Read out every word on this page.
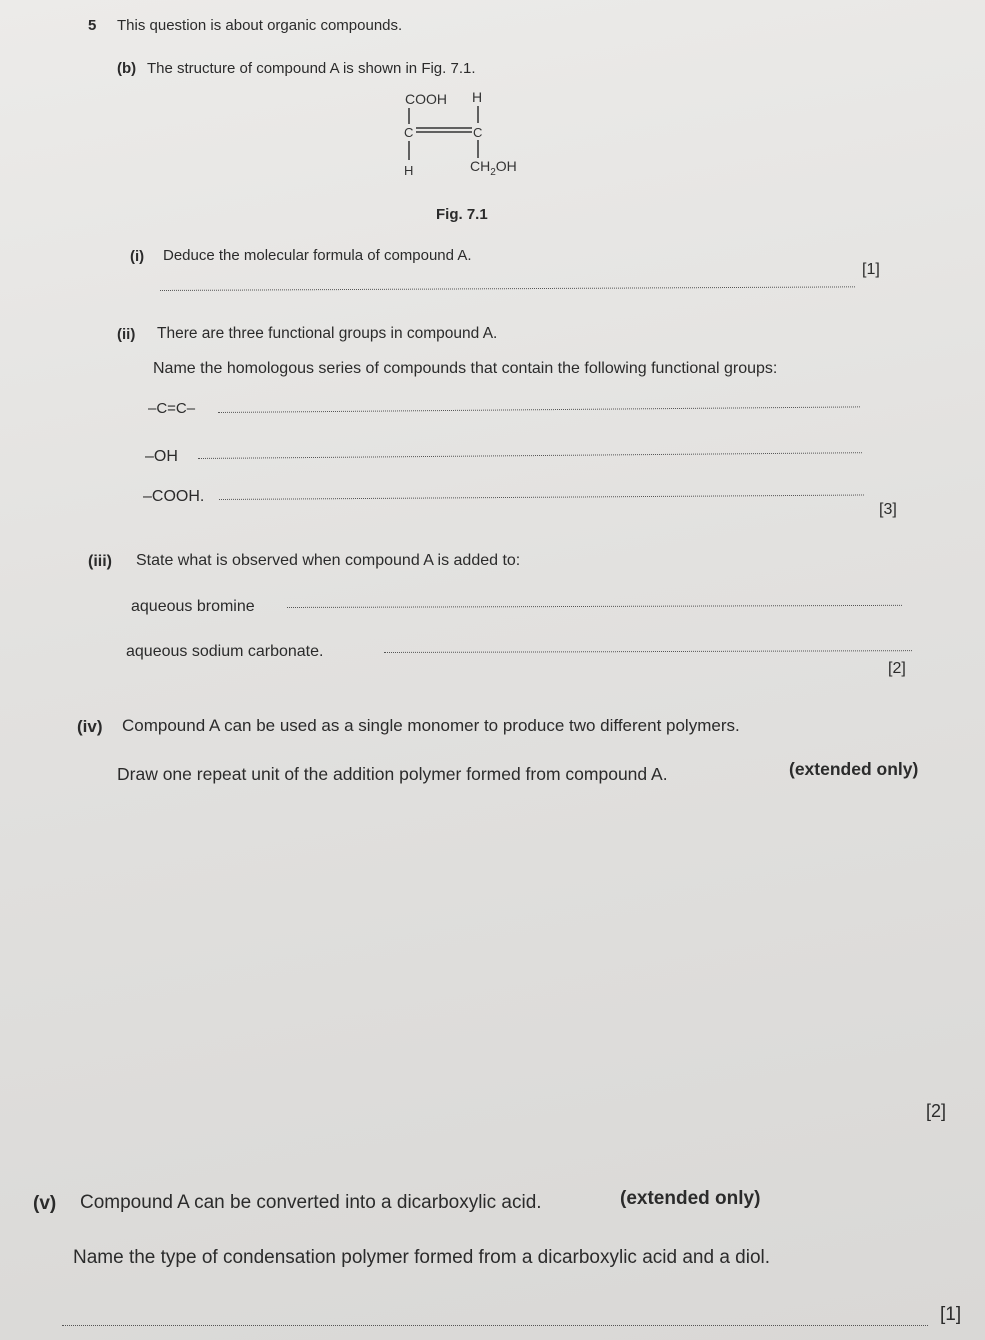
5 This question is about organic compounds.
(b) The structure of compound A is shown in Fig. 7.1.
COOH H
C	C
H	$CH_2OH$
Fig. 7.1
(i) Deduce the molecular formula of compound A.
[1]
(ii) There are three functional groups in compound A.
Name the homologous series of compounds that contain the following functional groups:
–C=C–
–OH
–COOH.
[3]
(iii) State what is observed when compound A is added to:
aqueous bromine
aqueous sodium carbonate.
[2]
(iv) Compound A can be used as a single monomer to produce two different polymers.
Draw one repeat unit of the addition polymer formed from compound A.	(extended only)
[2]
(v) Compound A can be converted into a dicarboxylic acid.	(extended only)
Name the type of condensation polymer formed from a dicarboxylic acid and a diol.
[1]
